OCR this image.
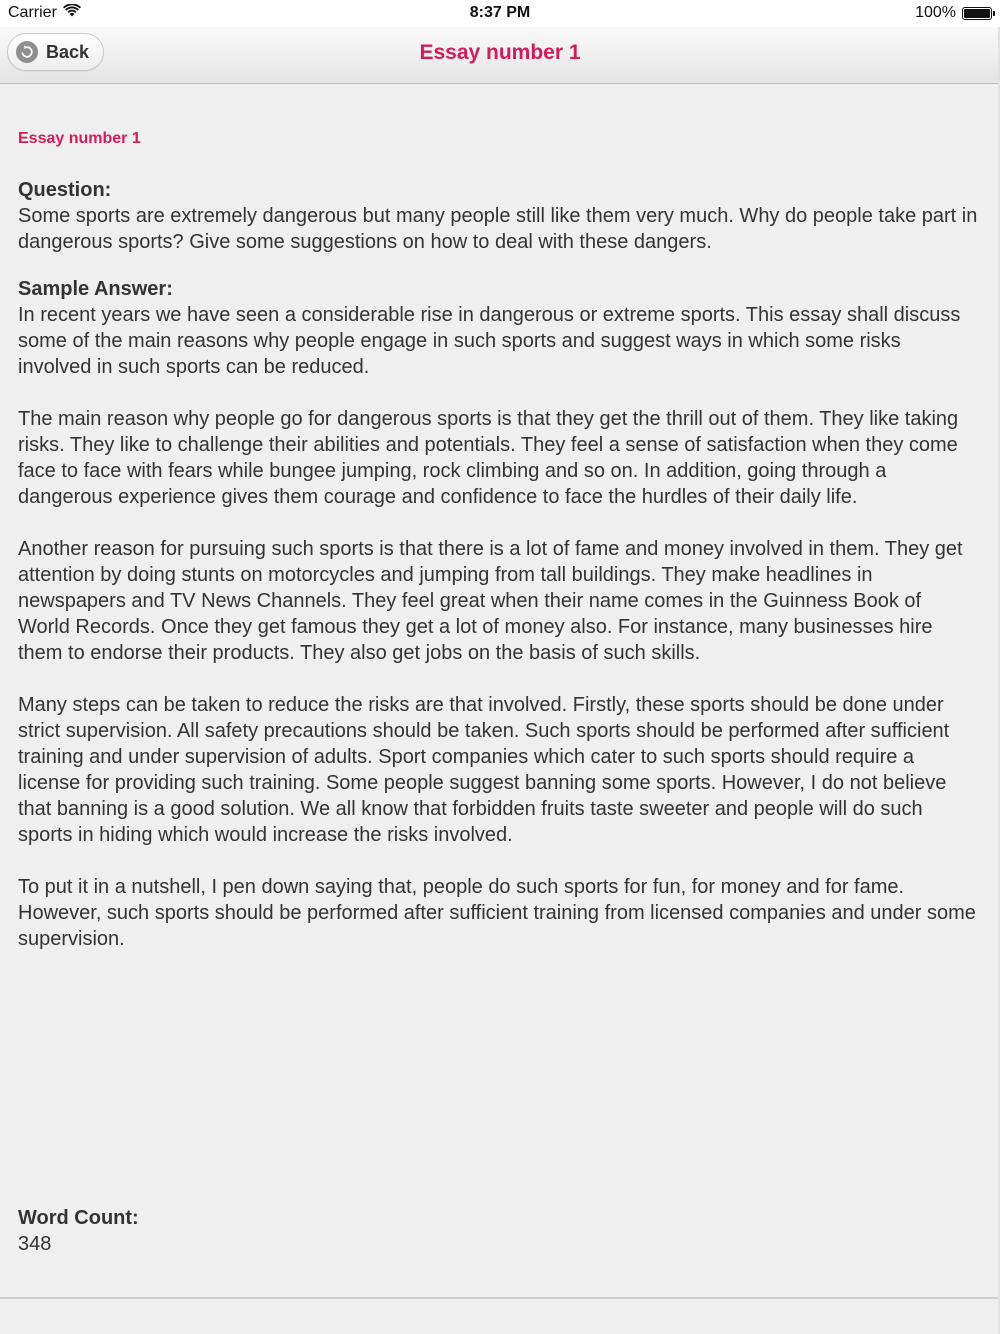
Carrier	8:37 PM	100%
Back	Essay number 1

Essay number 1

Question:

Some sports are extremely dangerous but many people still like them very much. Why do people take part in dangerous sports? Give some suggestions on how to deal with these dangers.

Sample Answer:

In recent years we have seen a considerable rise in dangerous or extreme sports. This essay shall discuss some of the main reasons why people engage in such sports and suggest ways in which some risks involved in such sports can be reduced.

The main reason why people go for dangerous sports is that they get the thrill out of them. They like taking risks. They like to challenge their abilities and potentials. They feel a sense of satisfaction when they come face to face with fears while bungee jumping, rock climbing and so on. In addition, going through a dangerous experience gives them courage and confidence to face the hurdles of their daily life.

Another reason for pursuing such sports is that there is a lot of fame and money involved in them. They get attention by doing stunts on motorcycles and jumping from tall buildings. They make headlines in newspapers and TV News Channels. They feel great when their name comes in the Guinness Book of World Records. Once they get famous they get a lot of money also. For instance, many businesses hire them to endorse their products. They also get jobs on the basis of such skills.

Many steps can be taken to reduce the risks are that involved. Firstly, these sports should be done under strict supervision. All safety precautions should be taken. Such sports should be performed after sufficient training and under supervision of adults. Sport companies which cater to such sports should require a license for providing such training. Some people suggest banning some sports. However, I do not believe that banning is a good solution. We all know that forbidden fruits taste sweeter and people will do such sports in hiding which would increase the risks involved.

To put it in a nutshell, I pen down saying that, people do such sports for fun, for money and for fame. However, such sports should be performed after sufficient training from licensed companies and under some supervision.

Word Count:

348
